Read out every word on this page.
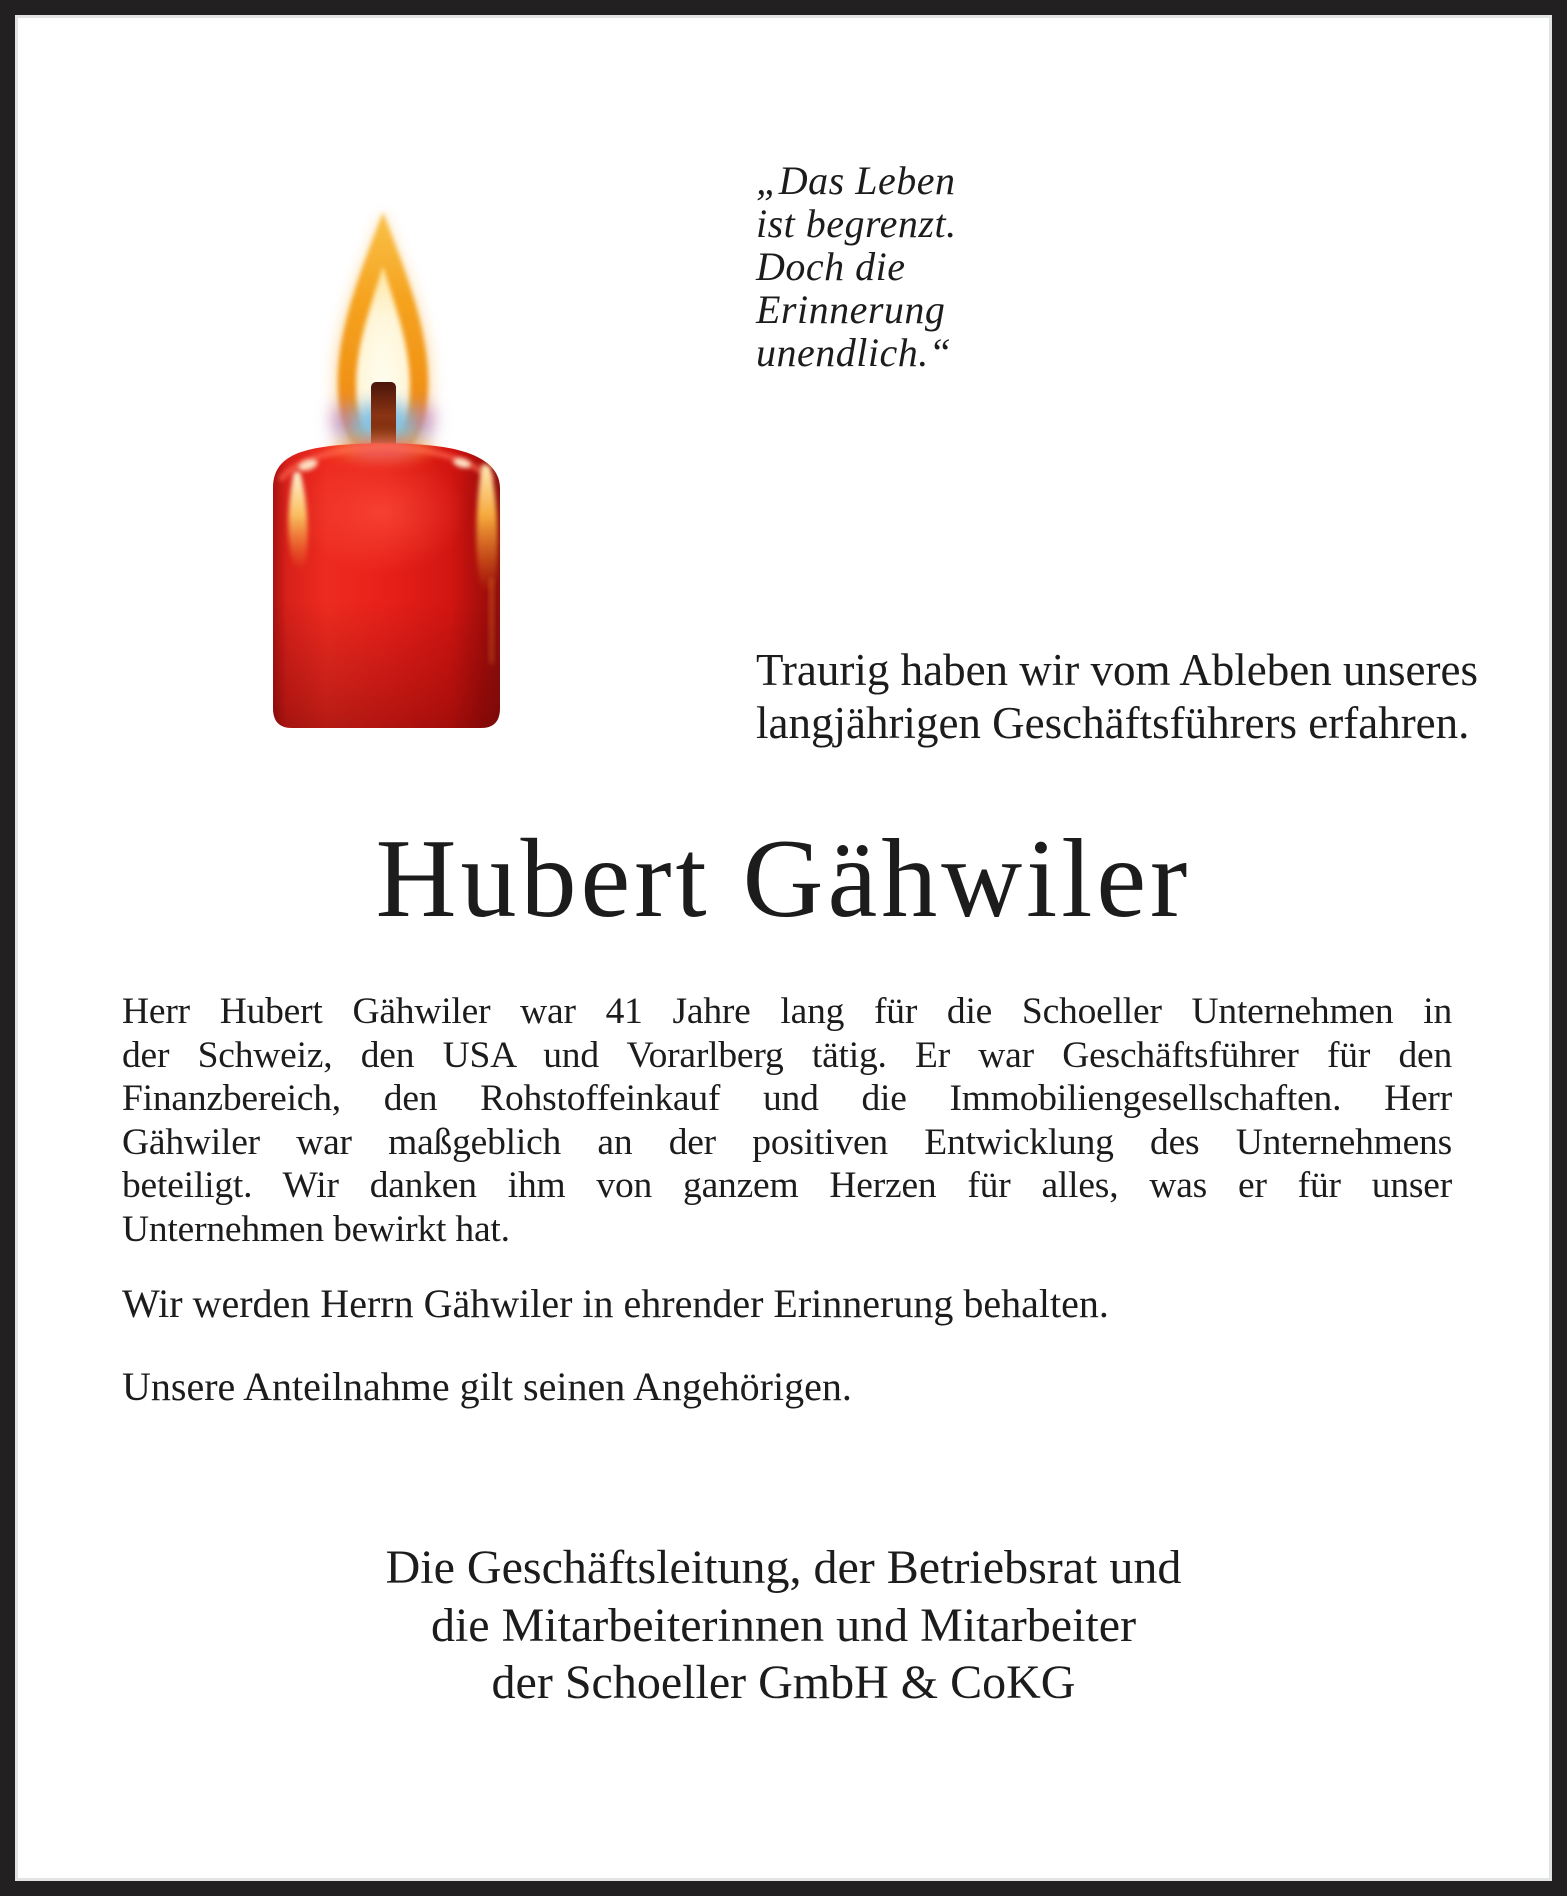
„Das Leben
ist begrenzt.
Doch die
Erinnerung
unendlich.“
Traurig haben wir vom Ableben unseres
langjährigen Geschäftsführers erfahren.
Hubert Gähwiler
Herr Hubert Gähwiler war 41 Jahre lang für die Schoeller Unternehmen in
der Schweiz, den USA und Vorarlberg tätig. Er war Geschäftsführer für den
Finanzbereich, den Rohstoffeinkauf und die Immobiliengesellschaften. Herr
Gähwiler war maßgeblich an der positiven Entwicklung des Unternehmens
beteiligt. Wir danken ihm von ganzem Herzen für alles, was er für unser
Unternehmen bewirkt hat.
Wir werden Herrn Gähwiler in ehrender Erinnerung behalten.
Unsere Anteilnahme gilt seinen Angehörigen.
Die Geschäftsleitung, der Betriebsrat und
die Mitarbeiterinnen und Mitarbeiter
der Schoeller GmbH & CoKG
